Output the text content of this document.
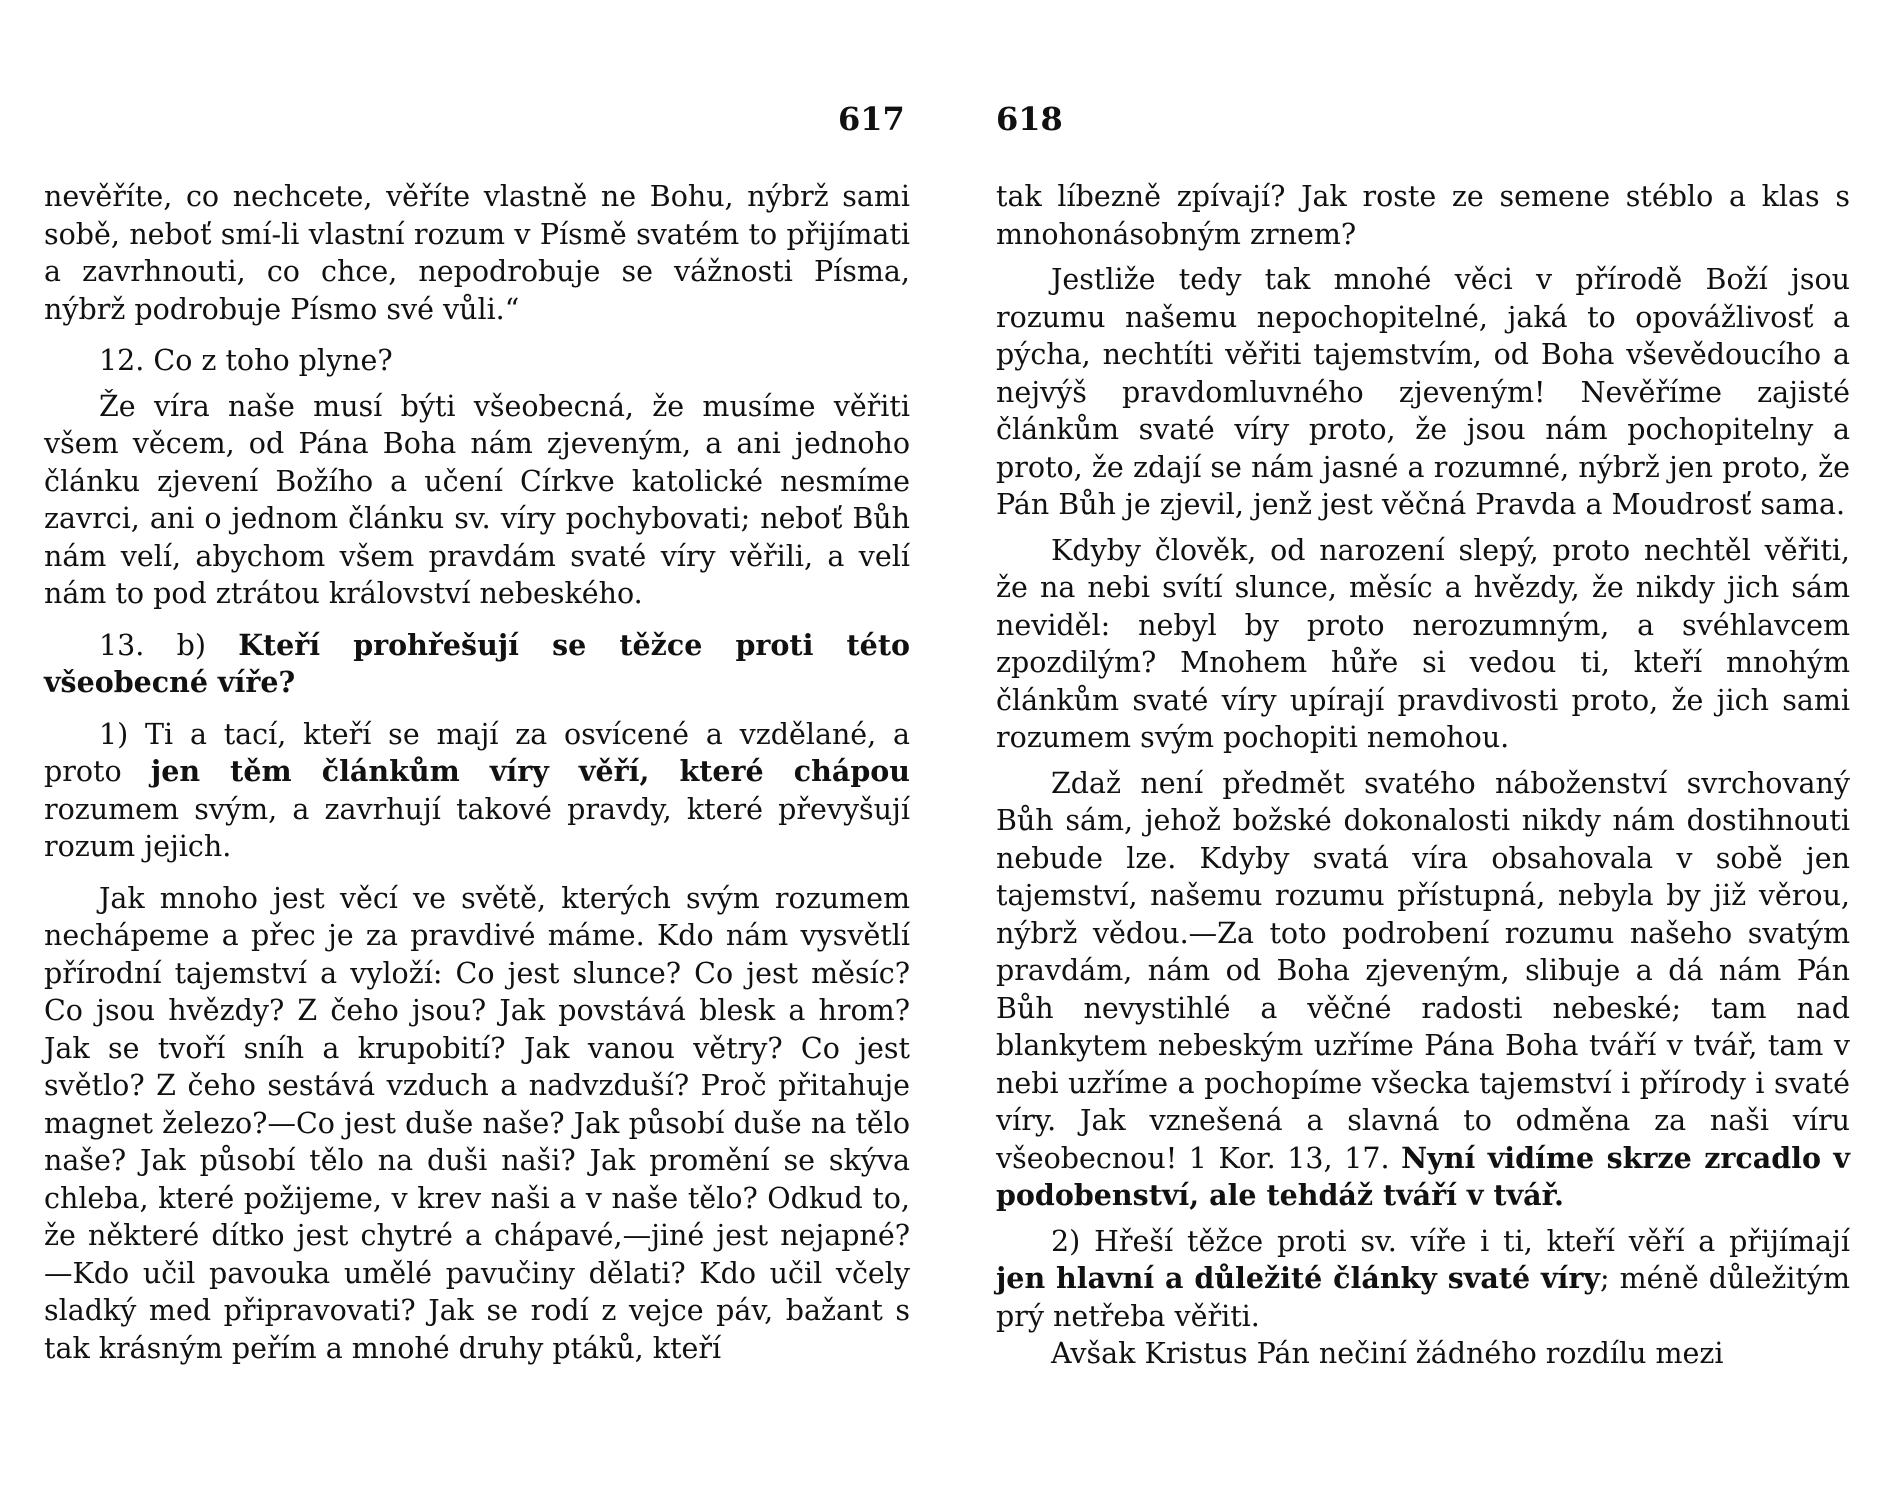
617

nevěříte, co nechcete, věříte vlastně ne Bohu, nýbrž sami sobě, neboť smí-li vlastní rozum v Písmě svatém to přijímati a zavrhnouti, co chce, nepodrobuje se vážnosti Písma, nýbrž podrobuje Písmo své vůli.“

12. Co z toho plyne?

Že víra naše musí býti všeobecná, že musíme věřiti všem věcem, od Pána Boha nám zjeveným, a ani jednoho článku zjevení Božího a učení Církve katolické nesmíme zavrci, ani o jednom článku sv. víry pochybovati; neboť Bůh nám velí, abychom všem pravdám svaté víry věřili, a velí nám to pod ztrátou království nebeského.

13. b) Kteří prohřešují se těžce proti této všeobecné víře?

1) Ti a tací, kteří se mají za osvícené a vzdělané, a proto jen těm článkům víry věří, které chápou rozumem svým, a zavrhují takové pravdy, které převyšují rozum jejich.

Jak mnoho jest věcí ve světě, kterých svým rozumem nechápeme a přec je za pravdivé máme. Kdo nám vysvětlí přírodní tajemství a vyloží: Co jest slunce? Co jest měsíc? Co jsou hvězdy? Z čeho jsou? Jak povstává blesk a hrom? Jak se tvoří sníh a krupobití? Jak vanou větry? Co jest světlo? Z čeho sestává vzduch a nadvzduší? Proč přitahuje magnet železo?—Co jest duše naše? Jak působí duše na tělo naše? Jak působí tělo na duši naši? Jak promění se skýva chleba, které požijeme, v krev naši a v naše tělo? Odkud to, že některé dítko jest chytré a chápavé,—jiné jest nejapné?—Kdo učil pavouka umělé pavučiny dělati? Kdo učil včely sladký med připravovati? Jak se rodí z vejce páv, bažant s tak krásným peřím a mnohé druhy ptáků, kteří

618

tak líbezně zpívají? Jak roste ze semene stéblo a klas s mnohonásobným zrnem?

Jestliže tedy tak mnohé věci v přírodě Boží jsou rozumu našemu nepochopitelné, jaká to opovážlivosť a pýcha, nechtíti věřiti tajemstvím, od Boha vševědoucího a nejvýš pravdomluvného zjeveným! Nevěříme zajisté článkům svaté víry proto, že jsou nám pochopitelny a proto, že zdají se nám jasné a rozumné, nýbrž jen proto, že Pán Bůh je zjevil, jenž jest věčná Pravda a Moudrosť sama.

Kdyby člověk, od narození slepý, proto nechtěl věřiti, že na nebi svítí slunce, měsíc a hvězdy, že nikdy jich sám neviděl: nebyl by proto nerozumným, a svéhlavcem zpozdilým? Mnohem hůře si vedou ti, kteří mnohým článkům svaté víry upírají pravdivosti proto, že jich sami rozumem svým pochopiti nemohou.

Zdaž není předmět svatého náboženství svrchovaný Bůh sám, jehož božské dokonalosti nikdy nám dostihnouti nebude lze. Kdyby svatá víra obsahovala v sobě jen tajemství, našemu rozumu přístupná, nebyla by již věrou, nýbrž vědou.—Za toto podrobení rozumu našeho svatým pravdám, nám od Boha zjeveným, slibuje a dá nám Pán Bůh nevystihlé a věčné radosti nebeské; tam nad blankytem nebeským uzříme Pána Boha tváří v tvář, tam v nebi uzříme a pochopíme všecka tajemství i přírody i svaté víry. Jak vznešená a slavná to odměna za naši víru všeobecnou! 1 Kor. 13, 17. Nyní vidíme skrze zrcadlo v podobenství, ale tehdáž tváří v tvář.

2) Hřeší těžce proti sv. víře i ti, kteří věří a přijímají jen hlavní a důležité články svaté víry; méně důležitým prý netřeba věřiti.

Avšak Kristus Pán nečiní žádného rozdílu mezi
